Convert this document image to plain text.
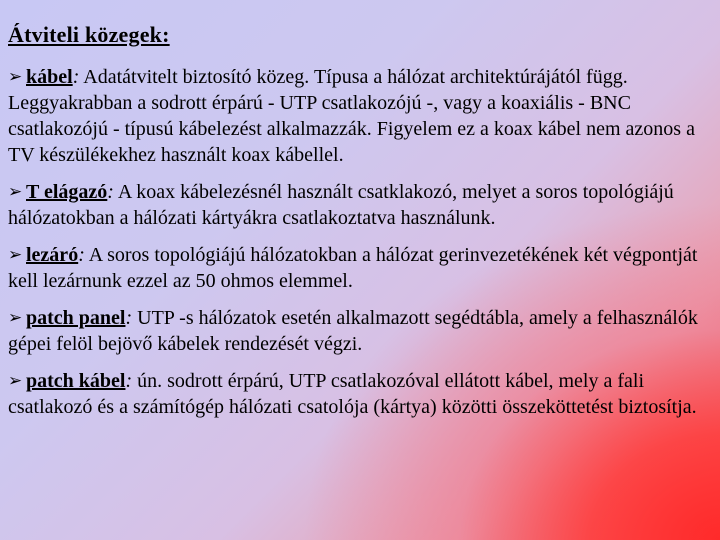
Átviteli közegek:
➢ kábel: Adatátvitelt biztosító közeg. Típusa a hálózat architektúrájától függ. Leggyakrabban a sodrott érpárú - UTP csatlakozójú -, vagy a koaxiális - BNC csatlakozójú - típusú kábelezést alkalmazzák. Figyelem ez a koax kábel nem azonos a TV készülékekhez használt koax kábellel.
➢ T elágazó: A koax kábelezésnél használt csatklakozó, melyet a soros topológiájú hálózatokban a hálózati kártyákra csatlakoztatva használunk.
➢ lezáró: A soros topológiájú hálózatokban a hálózat gerinvezetékének két végpontját kell lezárnunk ezzel az 50 ohmos elemmel.
➢ patch panel: UTP -s hálózatok esetén alkalmazott segédtábla, amely a felhasználók gépei felöl bejövő kábelek rendezését végzi.
➢ patch kábel: ún. sodrott érpárú, UTP csatlakozóval ellátott kábel, mely a fali csatlakozó és a számítógép hálózati csatolója (kártya) közötti összeköttetést biztosítja.
